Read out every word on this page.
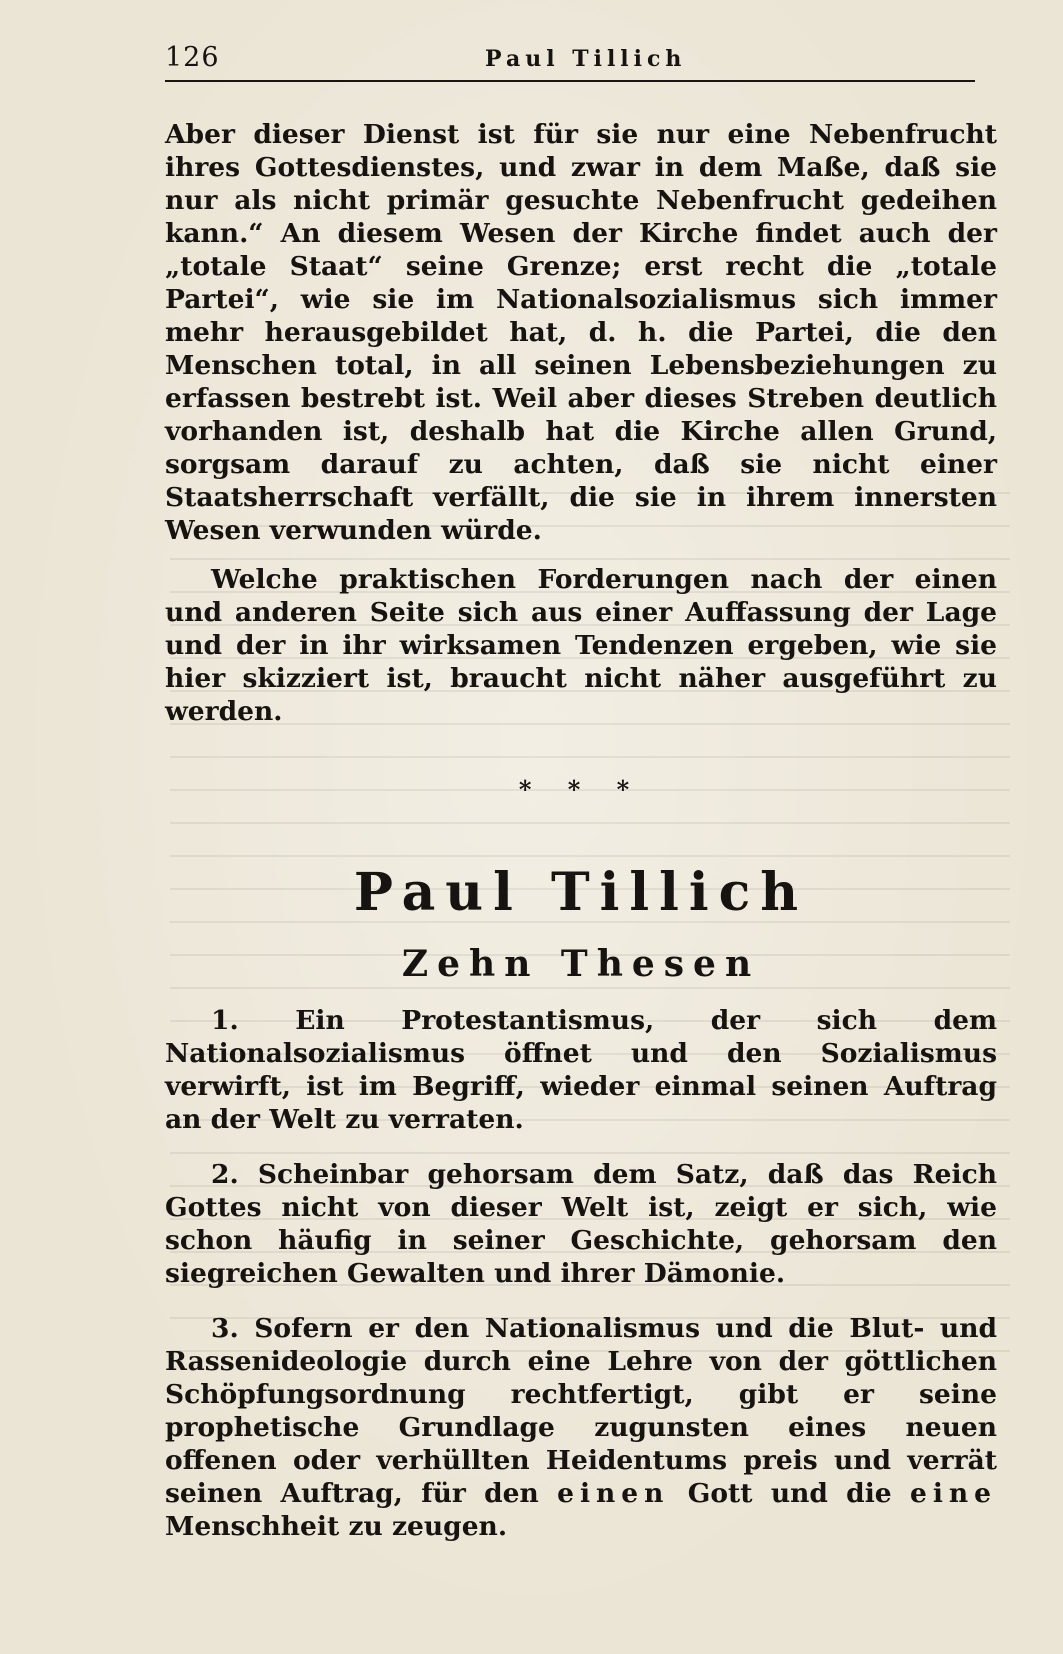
126	Paul Tillich

Aber dieser Dienst ist für sie nur eine Nebenfrucht ihres Gottesdienstes, und zwar in dem Maße, daß sie nur als nicht primär gesuchte Nebenfrucht gedeihen kann.“ An diesem Wesen der Kirche findet auch der „totale Staat“ seine Grenze; erst recht die „totale Partei“, wie sie im Nationalsozialismus sich immer mehr herausgebildet hat, d. h. die Partei, die den Menschen total, in all seinen Lebensbeziehungen zu erfassen bestrebt ist. Weil aber dieses Streben deutlich vorhanden ist, deshalb hat die Kirche allen Grund, sorgsam darauf zu achten, daß sie nicht einer Staatsherrschaft verfällt, die sie in ihrem innersten Wesen verwunden würde.

Welche praktischen Forderungen nach der einen und anderen Seite sich aus einer Auffassung der Lage und der in ihr wirksamen Tendenzen ergeben, wie sie hier skizziert ist, braucht nicht näher ausgeführt zu werden.

* * *
Paul Tillich
Zehn Thesen

1. Ein Protestantismus, der sich dem Nationalsozialismus öffnet und den Sozialismus verwirft, ist im Begriff, wieder einmal seinen Auftrag an der Welt zu verraten.

2. Scheinbar gehorsam dem Satz, daß das Reich Gottes nicht von dieser Welt ist, zeigt er sich, wie schon häufig in seiner Geschichte, gehorsam den siegreichen Gewalten und ihrer Dämonie.

3. Sofern er den Nationalismus und die Blut- und Rassenideologie durch eine Lehre von der göttlichen Schöpfungsordnung rechtfertigt, gibt er seine prophetische Grundlage zugunsten eines neuen offenen oder verhüllten Heidentums preis und verrät seinen Auftrag, für den einen Gott und die eine Menschheit zu zeugen.
